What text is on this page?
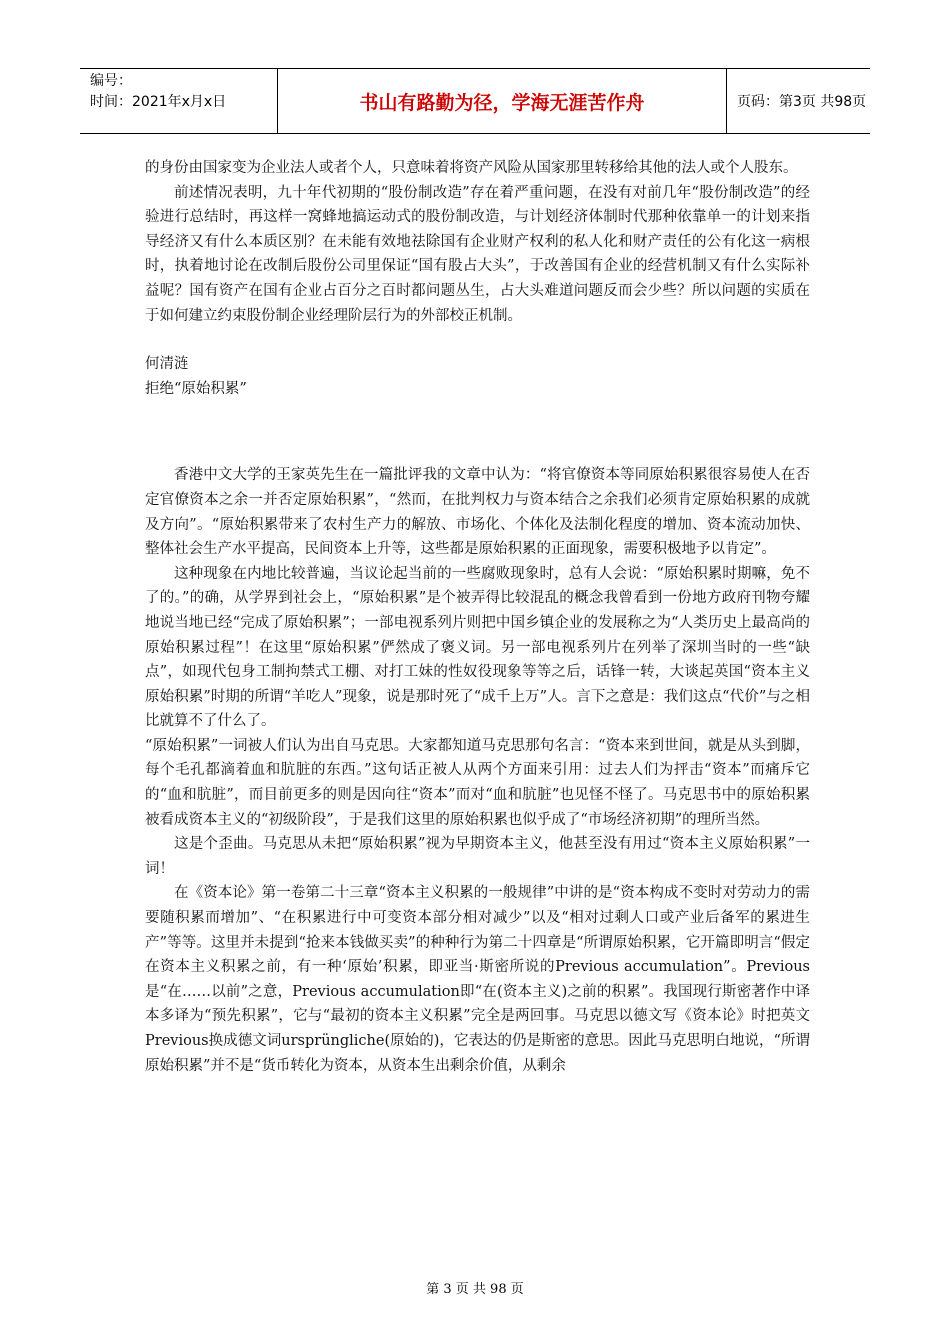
编号：
时间：2021年x月x日	书山有路勤为径，学海无涯苦作舟	页码：第3页 共98页

的身份由国家变为企业法人或者个人，只意味着将资产风险从国家那里转移给其他的法人或个人股东。

前述情况表明，九十年代初期的“股份制改造”存在着严重问题，在没有对前几年“股份制改造”的经验进行总结时，再这样一窝蜂地搞运动式的股份制改造，与计划经济体制时代那种依靠单一的计划来指导经济又有什么本质区别？在未能有效地祛除国有企业财产权利的私人化和财产责任的公有化这一病根时，执着地讨论在改制后股份公司里保证“国有股占大头”，于改善国有企业的经营机制又有什么实际补益呢？国有资产在国有企业占百分之百时都问题丛生，占大头难道问题反而会少些？所以问题的实质在于如何建立约束股份制企业经理阶层行为的外部校正机制。

何清涟

拒绝“原始积累”

香港中文大学的王家英先生在一篇批评我的文章中认为：“将官僚资本等同原始积累很容易使人在否定官僚资本之余一并否定原始积累”，“然而，在批判权力与资本结合之余我们必须肯定原始积累的成就及方向”。“原始积累带来了农村生产力的解放、市场化、个体化及法制化程度的增加、资本流动加快、整体社会生产水平提高，民间资本上升等，这些都是原始积累的正面现象，需要积极地予以肯定”。

这种现象在内地比较普遍，当议论起当前的一些腐败现象时，总有人会说：“原始积累时期嘛，免不了的。”的确，从学界到社会上，“原始积累”是个被弄得比较混乱的概念我曾看到一份地方政府刊物夸耀地说当地已经“完成了原始积累”；一部电视系列片则把中国乡镇企业的发展称之为“人类历史上最高尚的原始积累过程”！在这里“原始积累”俨然成了褒义词。另一部电视系列片在列举了深圳当时的一些“缺点”，如现代包身工制拘禁式工棚、对打工妹的性奴役现象等等之后，话锋一转，大谈起英国“资本主义原始积累”时期的所谓“羊吃人”现象，说是那时死了“成千上万”人。言下之意是：我们这点“代价”与之相比就算不了什么了。

“原始积累”一词被人们认为出自马克思。大家都知道马克思那句名言：“资本来到世间，就是从头到脚，每个毛孔都滴着血和肮脏的东西。”这句话正被人从两个方面来引用：过去人们为抨击“资本”而痛斥它的“血和肮脏”，而目前更多的则是因向往“资本”而对“血和肮脏”也见怪不怪了。马克思书中的原始积累被看成资本主义的“初级阶段”，于是我们这里的原始积累也似乎成了“市场经济初期”的理所当然。

这是个歪曲。马克思从未把“原始积累”视为早期资本主义，他甚至没有用过“资本主义原始积累”一词！

在《资本论》第一卷第二十三章“资本主义积累的一般规律”中讲的是“资本构成不变时对劳动力的需要随积累而增加”、“在积累进行中可变资本部分相对减少”以及“相对过剩人口或产业后备军的累进生产”等等。这里并未提到“抢来本钱做买卖”的种种行为第二十四章是“所谓原始积累，它开篇即明言“假定在资本主义积累之前，有一种‘原始’积累，即亚当·斯密所说的Previous accumulation”。Previous是“在……以前”之意，Previous accumulation即“在(资本主义)之前的积累”。我国现行斯密著作中译本多译为“预先积累”，它与“最初的资本主义积累”完全是两回事。马克思以德文写《资本论》时把英文Previous换成德文词ursprüngliche(原始的)，它表达的仍是斯密的意思。因此马克思明白地说，“所谓原始积累”并不是“货币转化为资本，从资本生出剩余价值，从剩余

第 3 页 共 98 页
